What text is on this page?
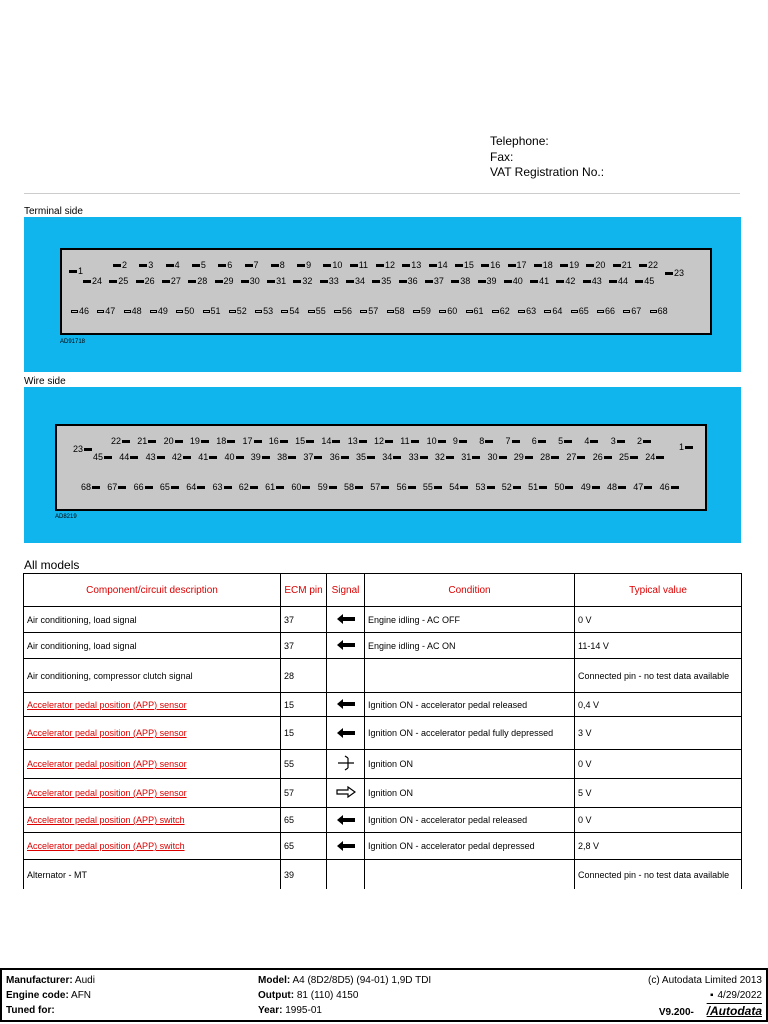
Telephone:
Fax:
VAT Registration No.:
Terminal side
2	3	4	5	6	7	8	9	10	11	12	13	14	15	16	17	18	19	20	21	22
24	25	26	27	28	29	30	31	32	33	34	35	36	37	38	39	40	41	42	43	44	45
46	47	48	49	50	51	52	53	54	55	56	57	58	59	60	61	62	63	64	65	66	67	68
1	23
AD91718
Wire side
22	21	20	19	18	17	16	15	14	13	12	11	10	9	8	7	6	5	4	3	2
45	44	43	42	41	40	39	38	37	36	35	34	33	32	31	30	29	28	27	26	25	24
68	67	66	65	64	63	62	61	60	59	58	57	56	55	54	53	52	51	50	49	48	47	46
1
23
AD8219
All models
Component/circuit description	ECM pin	Signal	Condition	Typical value
Air conditioning, load signal	37		Engine idling - AC OFF	0 V
Air conditioning, load signal	37		Engine idling - AC ON	11-14 V
Air conditioning, compressor clutch signal	28			Connected pin - no test data available
Accelerator pedal position (APP) sensor	15		Ignition ON - accelerator pedal released	0,4 V
Accelerator pedal position (APP) sensor	15		Ignition ON - accelerator pedal fully depressed	3 V
Accelerator pedal position (APP) sensor	55		Ignition ON	0 V
Accelerator pedal position (APP) sensor	57		Ignition ON	5 V
Accelerator pedal position (APP) switch	65		Ignition ON - accelerator pedal released	0 V
Accelerator pedal position (APP) switch	65		Ignition ON - accelerator pedal depressed	2,8 V
Alternator - MT	39			Connected pin - no test data available
Manufacturer: Audi
Engine code: AFN
Tuned for:
Model: A4 (8D2/8D5) (94-01) 1,9D TDI
Output: 81 (110) 4150
Year: 1995-01
(c) Autodata Limited 2013
▪ 4/29/2022
V9.200- /Autodata
